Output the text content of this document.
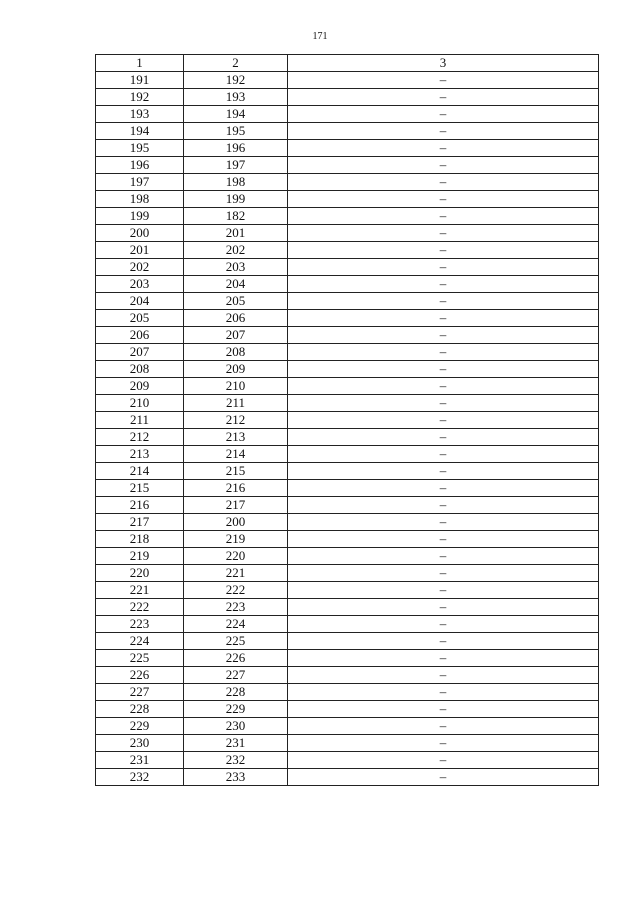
171
1	2	3
191	192	–
192	193	–
193	194	–
194	195	–
195	196	–
196	197	–
197	198	–
198	199	–
199	182	–
200	201	–
201	202	–
202	203	–
203	204	–
204	205	–
205	206	–
206	207	–
207	208	–
208	209	–
209	210	–
210	211	–
211	212	–
212	213	–
213	214	–
214	215	–
215	216	–
216	217	–
217	200	–
218	219	–
219	220	–
220	221	–
221	222	–
222	223	–
223	224	–
224	225	–
225	226	–
226	227	–
227	228	–
228	229	–
229	230	–
230	231	–
231	232	–
232	233	–
